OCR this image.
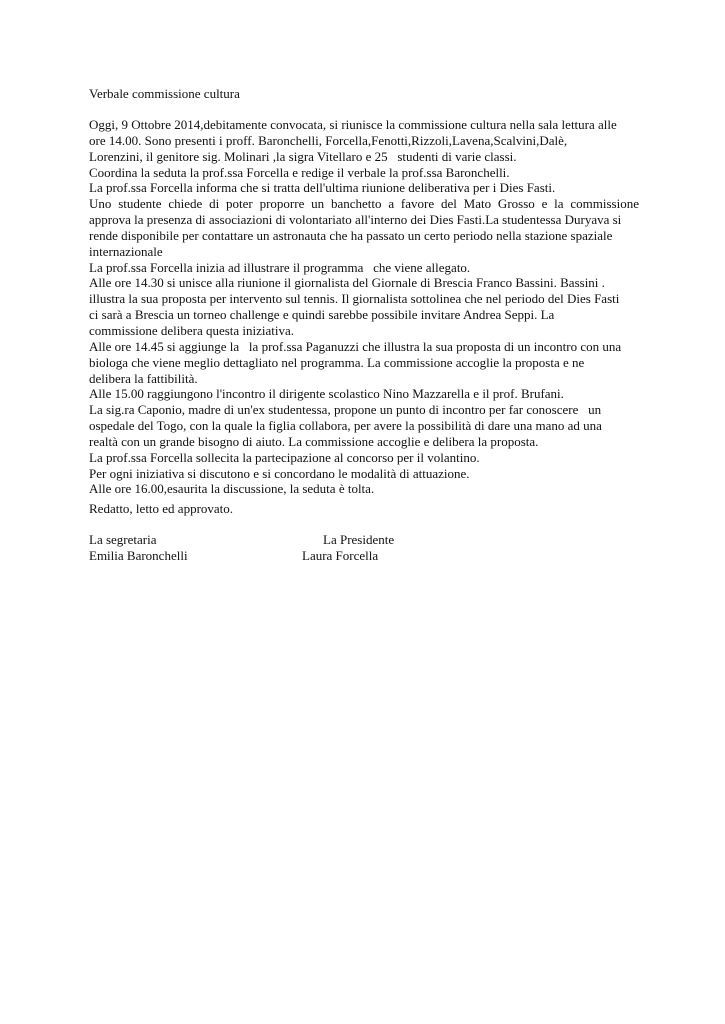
Verbale commissione cultura
Oggi, 9 Ottobre 2014,debitamente convocata, si riunisce la commissione cultura nella sala lettura alle
ore 14.00. Sono presenti i proff. Baronchelli, Forcella,Fenotti,Rizzoli,Lavena,Scalvini,Dalè,
Lorenzini, il genitore sig. Molinari ,la sigra Vitellaro e 25   studenti di varie classi.
Coordina la seduta la prof.ssa Forcella e redige il verbale la prof.ssa Baronchelli.
La prof.ssa Forcella informa che si tratta dell'ultima riunione deliberativa per i Dies Fasti.
Uno studente chiede di poter proporre un banchetto a favore del Mato Grosso e la commissione
approva la presenza di associazioni di volontariato all'interno dei Dies Fasti.La studentessa Duryava si
rende disponibile per contattare un astronauta che ha passato un certo periodo nella stazione spaziale
internazionale
La prof.ssa Forcella inizia ad illustrare il programma   che viene allegato.
Alle ore 14.30 si unisce alla riunione il giornalista del Giornale di Brescia Franco Bassini. Bassini .
illustra la sua proposta per intervento sul tennis. Il giornalista sottolinea che nel periodo del Dies Fasti
ci sarà a Brescia un torneo challenge e quindi sarebbe possibile invitare Andrea Seppi. La
commissione delibera questa iniziativa.
Alle ore 14.45 si aggiunge la   la prof.ssa Paganuzzi che illustra la sua proposta di un incontro con una
biologa che viene meglio dettagliato nel programma. La commissione accoglie la proposta e ne
delibera la fattibilità.
Alle 15.00 raggiungono l'incontro il dirigente scolastico Nino Mazzarella e il prof. Brufani.
La sig.ra Caponio, madre di un'ex studentessa, propone un punto di incontro per far conoscere   un
ospedale del Togo, con la quale la figlia collabora, per avere la possibilità di dare una mano ad una
realtà con un grande bisogno di aiuto. La commissione accoglie e delibera la proposta.
La prof.ssa Forcella sollecita la partecipazione al concorso per il volantino.
Per ogni iniziativa si discutono e si concordano le modalità di attuazione.
Alle ore 16.00,esaurita la discussione, la seduta è tolta.
Redatto, letto ed approvato.
La segretaria
Emilia Baronchelli
La Presidente
Laura Forcella
